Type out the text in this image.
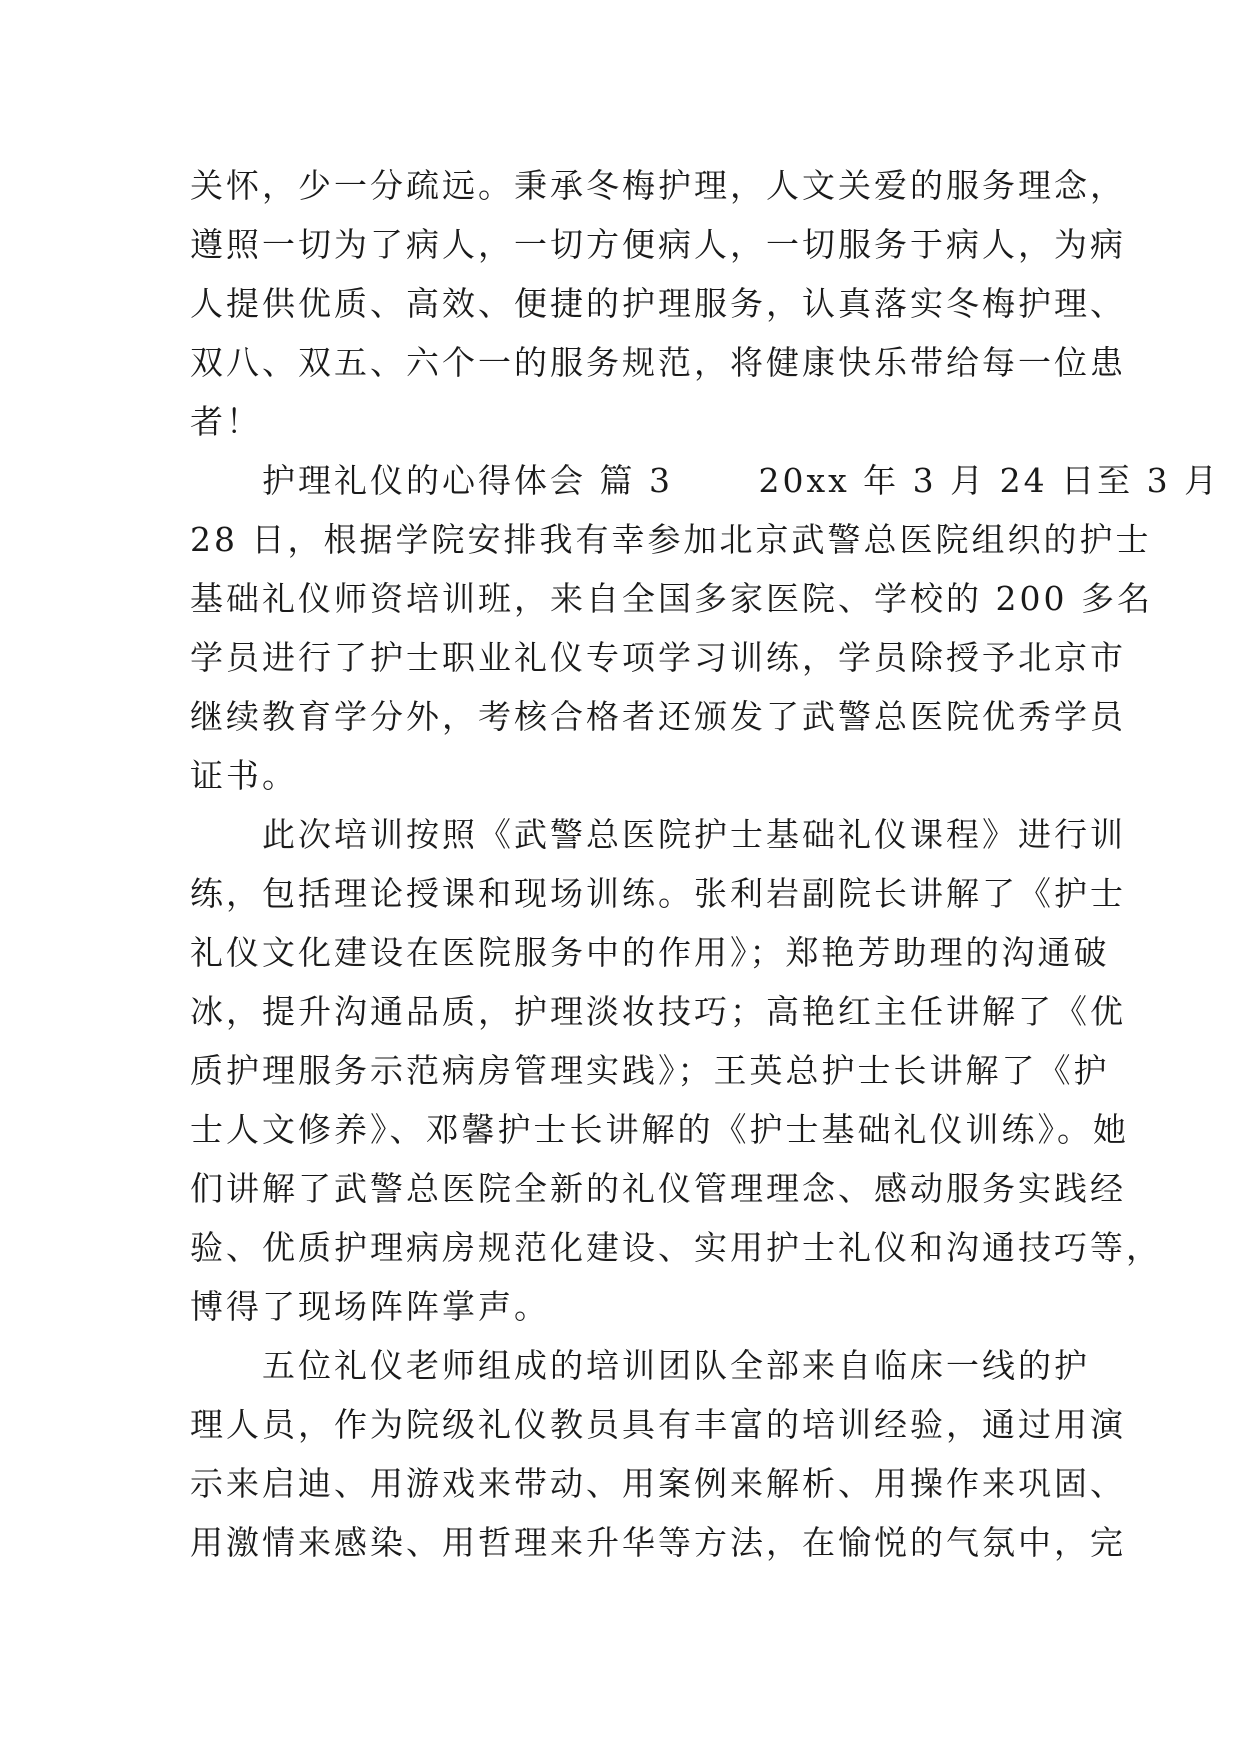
关怀，少一分疏远。秉承冬梅护理，人文关爱的服务理念，
遵照一切为了病人，一切方便病人，一切服务于病人，为病
人提供优质、高效、便捷的护理服务，认真落实冬梅护理、
双八、双五、六个一的服务规范，将健康快乐带给每一位患
者！
　　护理礼仪的心得体会 篇 3　　 20xx 年 3 月 24 日至 3 月
28 日，根据学院安排我有幸参加北京武警总医院组织的护士
基础礼仪师资培训班，来自全国多家医院、学校的 200 多名
学员进行了护士职业礼仪专项学习训练，学员除授予北京市
继续教育学分外，考核合格者还颁发了武警总医院优秀学员
证书。
　　此次培训按照《武警总医院护士基础礼仪课程》进行训
练，包括理论授课和现场训练。张利岩副院长讲解了《护士
礼仪文化建设在医院服务中的作用》；郑艳芳助理的沟通破
冰，提升沟通品质，护理淡妆技巧；高艳红主任讲解了《优
质护理服务示范病房管理实践》；王英总护士长讲解了《护
士人文修养》、邓馨护士长讲解的《护士基础礼仪训练》。她
们讲解了武警总医院全新的礼仪管理理念、感动服务实践经
验、优质护理病房规范化建设、实用护士礼仪和沟通技巧等，
博得了现场阵阵掌声。
　　五位礼仪老师组成的培训团队全部来自临床一线的护
理人员，作为院级礼仪教员具有丰富的培训经验，通过用演
示来启迪、用游戏来带动、用案例来解析、用操作来巩固、
用激情来感染、用哲理来升华等方法，在愉悦的气氛中，完
